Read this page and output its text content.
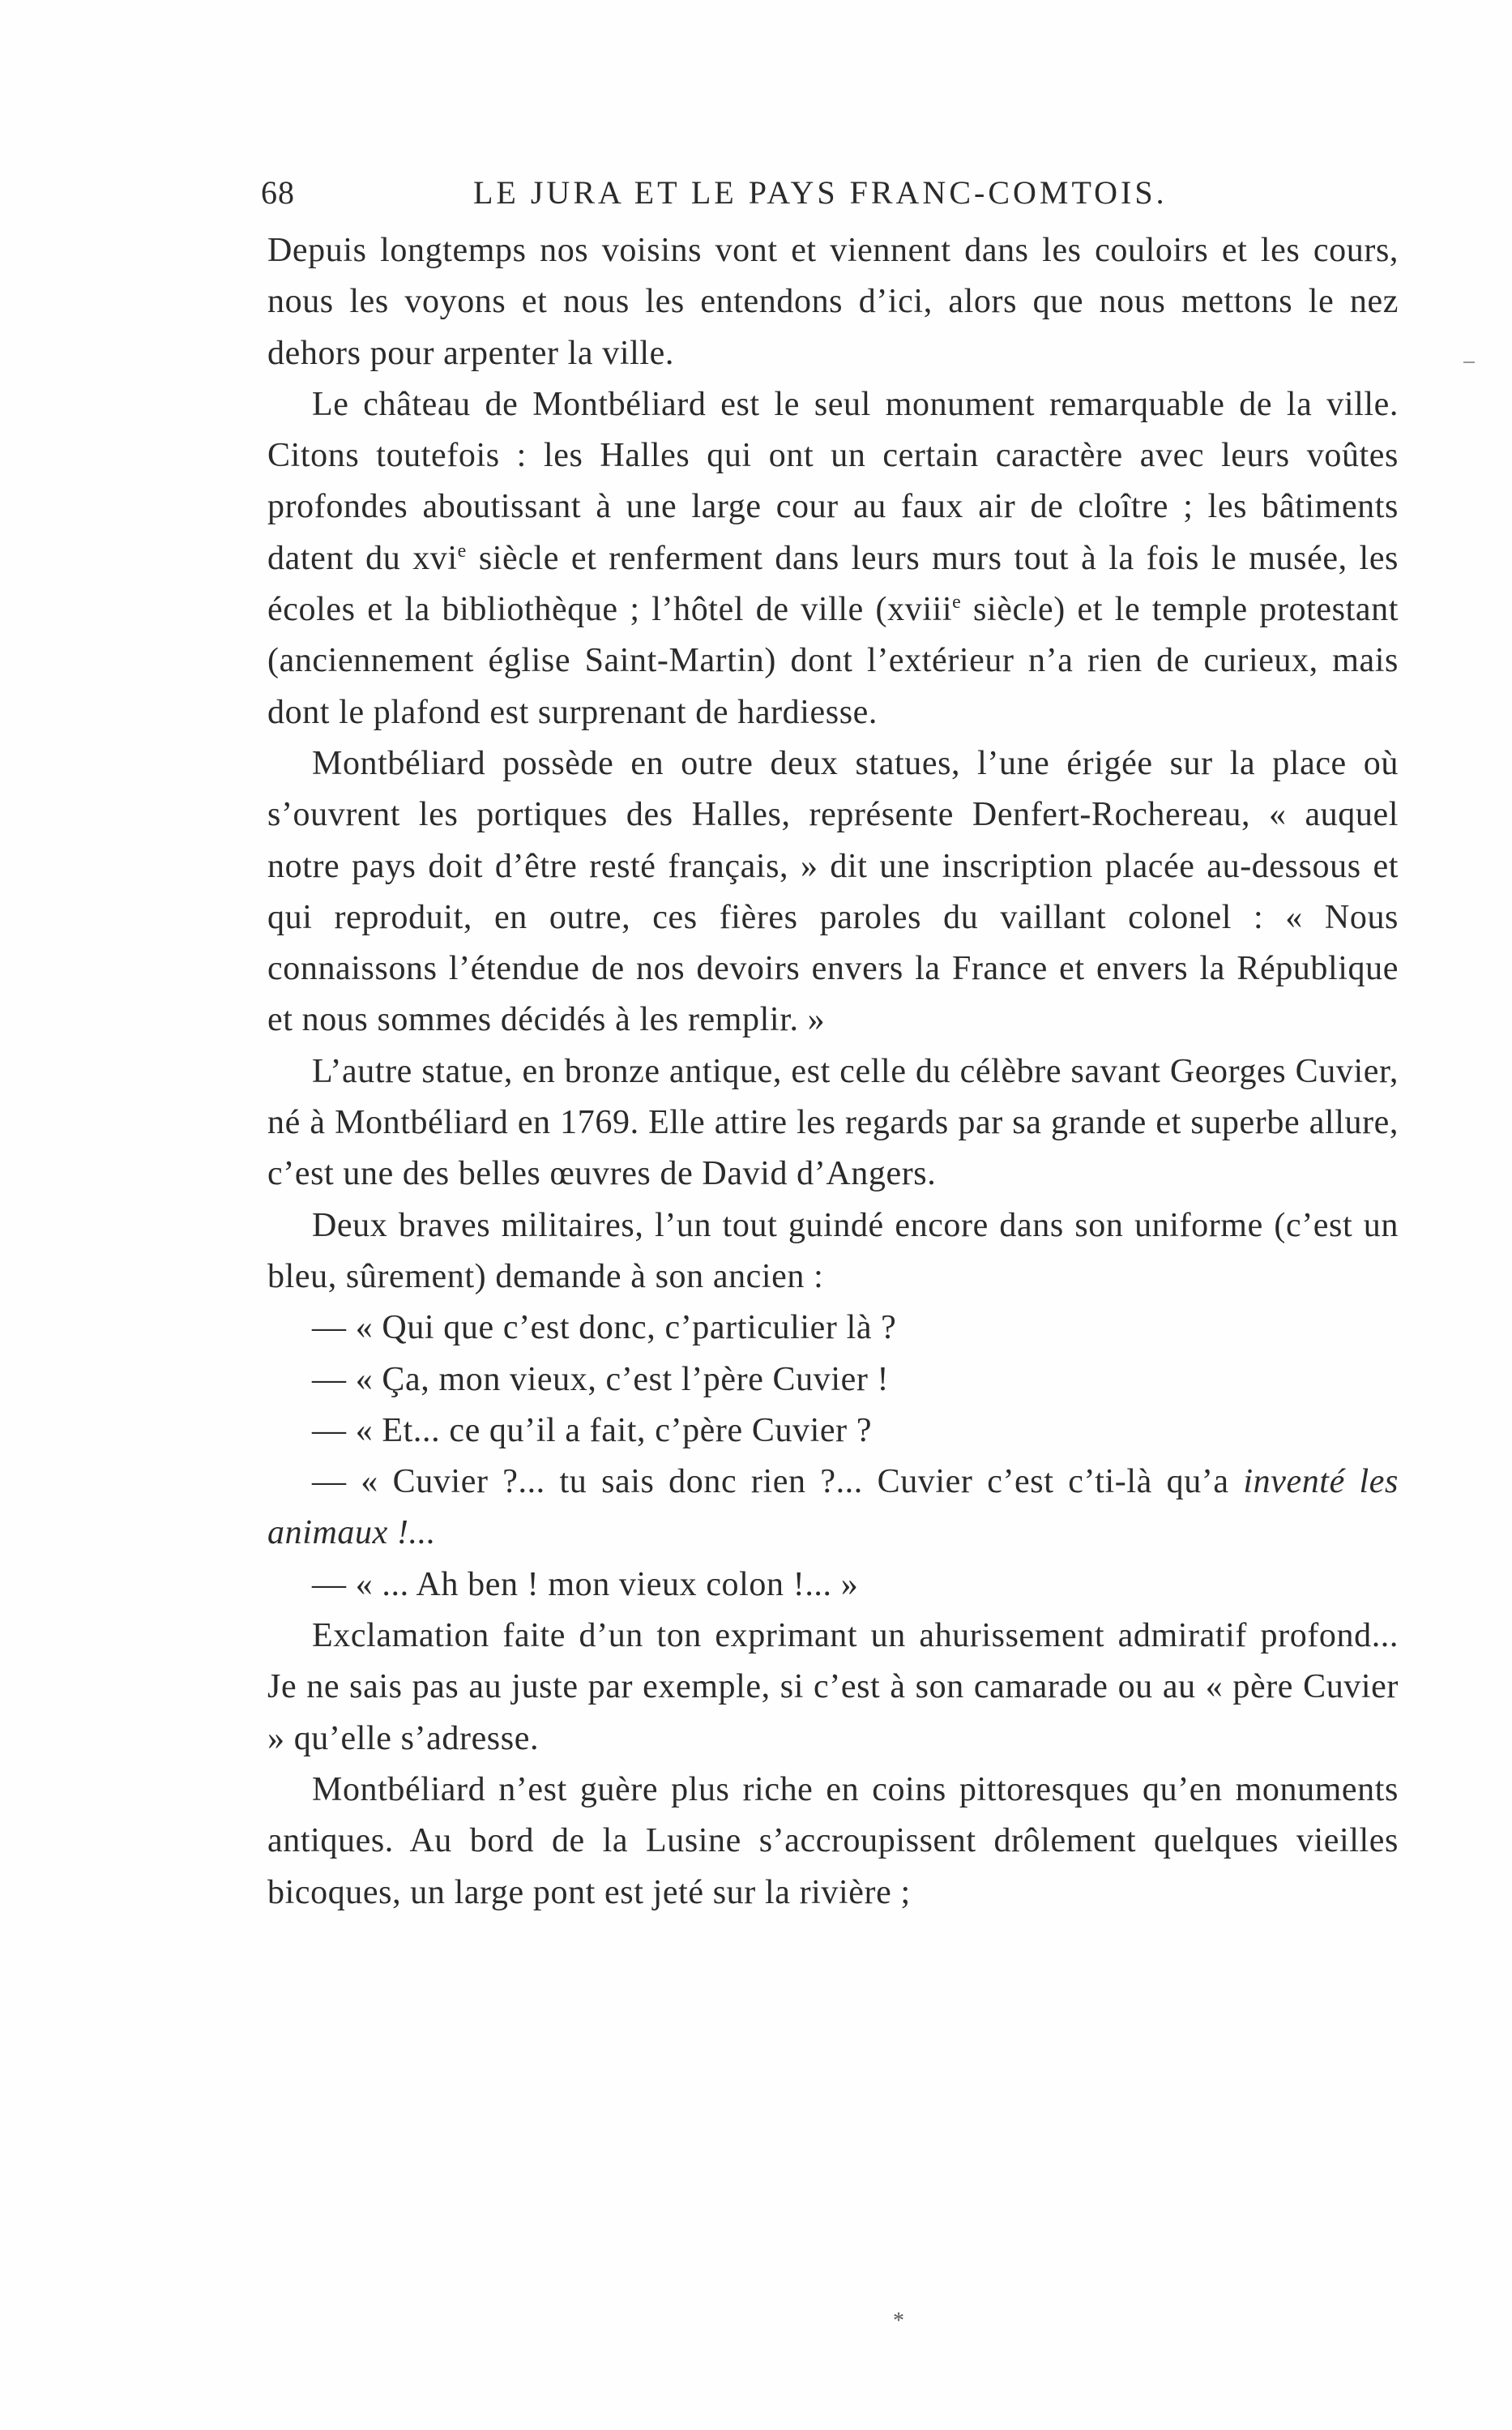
68	LE JURA ET LE PAYS FRANC-COMTOIS.

Depuis longtemps nos voisins vont et viennent dans les couloirs et les cours, nous les voyons et nous les entendons d’ici, alors que nous mettons le nez dehors pour arpenter la ville.

Le château de Montbéliard est le seul monument remarquable de la ville. Citons toutefois : les Halles qui ont un certain caractère avec leurs voûtes profondes aboutissant à une large cour au faux air de cloître ; les bâtiments datent du xvi$^e$ siècle et renferment dans leurs murs tout à la fois le musée, les écoles et la bibliothèque ; l’hôtel de ville (xviii$^e$ siècle) et le temple protestant (anciennement église Saint-Martin) dont l’extérieur n’a rien de curieux, mais dont le plafond est surprenant de hardiesse.

Montbéliard possède en outre deux statues, l’une érigée sur la place où s’ouvrent les portiques des Halles, représente Denfert-Rochereau, « auquel notre pays doit d’être resté français, » dit une inscription placée au-dessous et qui reproduit, en outre, ces fières paroles du vaillant colonel : « Nous connaissons l’étendue de nos devoirs envers la France et envers la République et nous sommes décidés à les remplir. »

L’autre statue, en bronze antique, est celle du célèbre savant Georges Cuvier, né à Montbéliard en 1769. Elle attire les regards par sa grande et superbe allure, c’est une des belles œuvres de David d’Angers.

Deux braves militaires, l’un tout guindé encore dans son uniforme (c’est un bleu, sûrement) demande à son ancien :

— « Qui que c’est donc, c’particulier là ?

— « Ça, mon vieux, c’est l’père Cuvier !

— « Et... ce qu’il a fait, c’père Cuvier ?

— « Cuvier ?... tu sais donc rien ?... Cuvier c’est c’ti-là qu’a inventé les animaux !...

— « ... Ah ben ! mon vieux colon !... »

Exclamation faite d’un ton exprimant un ahurissement admiratif profond... Je ne sais pas au juste par exemple, si c’est à son camarade ou au « père Cuvier » qu’elle s’adresse.

Montbéliard n’est guère plus riche en coins pittoresques qu’en monuments antiques. Au bord de la Lusine s’accroupissent drôlement quelques vieilles bicoques, un large pont est jeté sur la rivière ;

*
